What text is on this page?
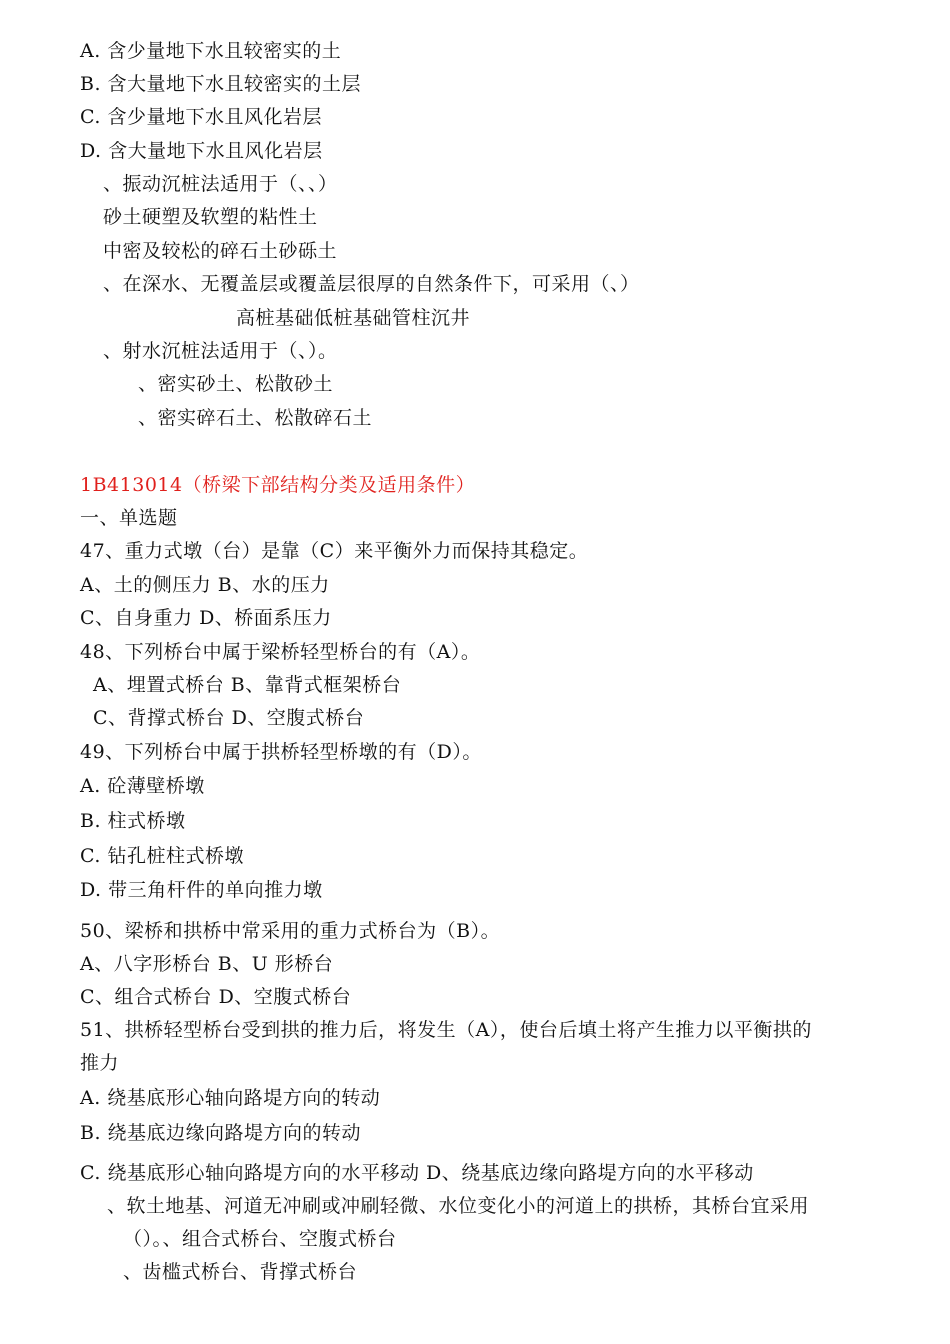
A. 含少量地下水且较密实的土
B. 含大量地下水且较密实的土层
C. 含少量地下水且风化岩层
D. 含大量地下水且风化岩层
、振动沉桩法适用于（、、）
砂土硬塑及软塑的粘性土
中密及较松的碎石土砂砾土
、在深水、无覆盖层或覆盖层很厚的自然条件下，可采用（、）
高桩基础低桩基础管柱沉井
、射水沉桩法适用于（、）。
、密实砂土、松散砂土
、密实碎石土、松散碎石土
1B413014（桥梁下部结构分类及适用条件）
一、单选题
47、重力式墩（台）是靠（C）来平衡外力而保持其稳定。
A、土的侧压力 B、水的压力
C、自身重力 D、桥面系压力
48、下列桥台中属于梁桥轻型桥台的有（A）。
A、埋置式桥台 B、靠背式框架桥台
C、背撑式桥台 D、空腹式桥台
49、下列桥台中属于拱桥轻型桥墩的有（D）。
A. 砼薄壁桥墩
B. 柱式桥墩
C. 钻孔桩柱式桥墩
D. 带三角杆件的单向推力墩
50、梁桥和拱桥中常采用的重力式桥台为（B）。
A、八字形桥台 B、U 形桥台
C、组合式桥台 D、空腹式桥台
51、拱桥轻型桥台受到拱的推力后，将发生（A），使台后填土将产生推力以平衡拱的
推力
A. 绕基底形心轴向路堤方向的转动
B. 绕基底边缘向路堤方向的转动
C. 绕基底形心轴向路堤方向的水平移动 D、绕基底边缘向路堤方向的水平移动
、软土地基、河道无冲刷或冲刷轻微、水位变化小的河道上的拱桥，其桥台宜采用
（）。、组合式桥台、空腹式桥台
、齿槛式桥台、背撑式桥台
